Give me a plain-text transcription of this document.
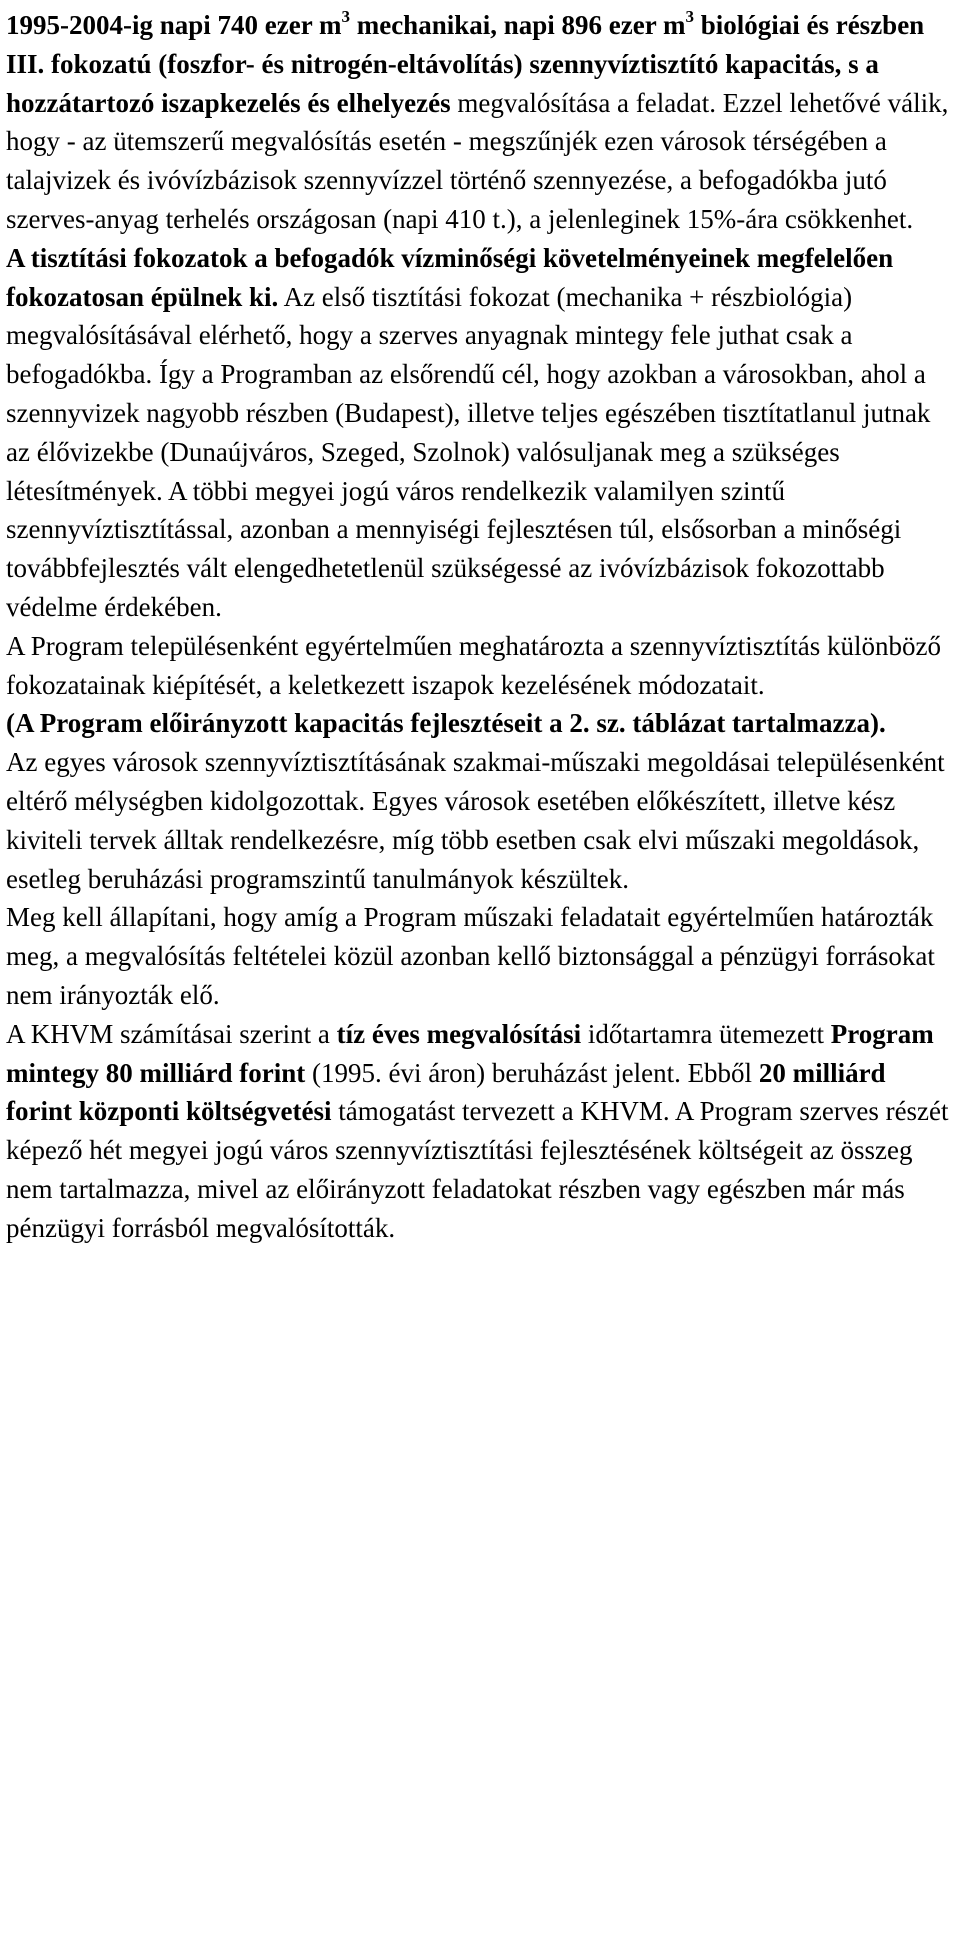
1995-2004-ig napi 740 ezer $m^3$ mechanikai, napi 896 ezer $m^3$ biológiai és részben III. fokozatú (foszfor- és nitrogén-eltávolítás) szennyvíztisztító kapacitás, s a hozzátartozó iszapkezelés és elhelyezés megvalósítása a feladat. Ezzel lehetővé válik, hogy - az ütemszerű megvalósítás esetén - megszűnjék ezen városok térségében a talajvizek és ivóvízbázisok szennyvízzel történő szennyezése, a befogadókba jutó szerves-anyag terhelés országosan (napi 410 t.), a jelenleginek 15%-ára csökkenhet.

A tisztítási fokozatok a befogadók vízminőségi követelményeinek megfelelően fokozatosan épülnek ki. Az első tisztítási fokozat (mechanika + részbiológia) megvalósításával elérhető, hogy a szerves anyagnak mintegy fele juthat csak a befogadókba. Így a Programban az elsőrendű cél, hogy azokban a városokban, ahol a szennyvizek nagyobb részben (Budapest), illetve teljes egészében tisztítatlanul jutnak az élővizekbe (Dunaújváros, Szeged, Szolnok) valósuljanak meg a szükséges létesítmények. A többi megyei jogú város rendelkezik valamilyen szintű szennyvíztisztítással, azonban a mennyiségi fejlesztésen túl, elsősorban a minőségi továbbfejlesztés vált elengedhetetlenül szükségessé az ivóvízbázisok fokozottabb védelme érdekében.

A Program településenként egyértelműen meghatározta a szennyvíztisztítás különböző fokozatainak kiépítését, a keletkezett iszapok kezelésének módozatait.

(A Program előirányzott kapacitás fejlesztéseit a 2. sz. táblázat tartalmazza).

Az egyes városok szennyvíztisztításának szakmai-műszaki megoldásai településenként eltérő mélységben kidolgozottak. Egyes városok esetében előkészített, illetve kész kiviteli tervek álltak rendelkezésre, míg több esetben csak elvi műszaki megoldások, esetleg beruházási programszintű tanulmányok készültek.

Meg kell állapítani, hogy amíg a Program műszaki feladatait egyértelműen határozták meg, a megvalósítás feltételei közül azonban kellő biztonsággal a pénzügyi forrásokat nem irányozták elő.

A KHVM számításai szerint a tíz éves megvalósítási időtartamra ütemezett Program mintegy 80 milliárd forint (1995. évi áron) beruházást jelent. Ebből 20 milliárd forint központi költségvetési támogatást tervezett a KHVM. A Program szerves részét képező hét megyei jogú város szennyvíztisztítási fejlesztésének költségeit az összeg nem tartalmazza, mivel az előirányzott feladatokat részben vagy egészben már más pénzügyi forrásból megvalósították.
